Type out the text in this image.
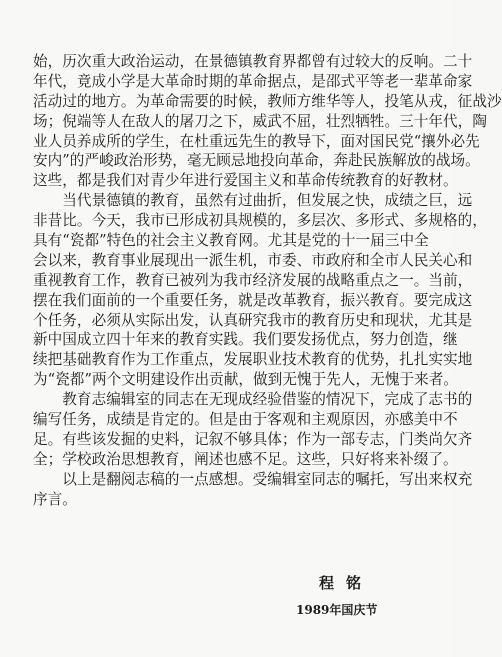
始，历次重大政治运动，在景德镇教育界都曾有过较大的反响。二十
年代，竟成小学是大革命时期的革命据点，是邵式平等老一辈革命家
活动过的地方。为革命需要的时候，教师方维华等人，投笔从戎，征战沙
场；倪端等人在敌人的屠刀之下，威武不屈，壮烈牺牲。三十年代，陶
业人员养成所的学生，在杜重远先生的教导下，面对国民党“攘外必先
安内”的严峻政治形势，毫无顾忌地投向革命，奔赴民族解放的战场。
这些，都是我们对青少年进行爱国主义和革命传统教育的好教材。
　　当代景德镇的教育，虽然有过曲折，但发展之快，成绩之巨，远
非昔比。今天，我市已形成初具规模的，多层次、多形式、多规格的，
具有“瓷都”特色的社会主义教育网。尤其是党的十一届三中全
会以来，教育事业展现出一派生机，市委、市政府和全市人民关心和
重视教育工作，教育已被列为我市经济发展的战略重点之一。当前，
摆在我们面前的一个重要任务，就是改革教育，振兴教育。要完成这
个任务，必须从实际出发，认真研究我市的教育历史和现状，尤其是
新中国成立四十年来的教育实践。我们要发扬优点，努力创造，继
续把基础教育作为工作重点，发展职业技术教育的优势，扎扎实实地
为“瓷都”两个文明建设作出贡献，做到无愧于先人，无愧于来者。
　　教育志编辑室的同志在无现成经验借鉴的情况下，完成了志书的
编写任务，成绩是肯定的。但是由于客观和主观原因，亦感美中不
足。有些该发掘的史料，记叙不够具体；作为一部专志，门类尚欠齐
全；学校政治思想教育，阐述也感不足。这些，只好将来补缀了。
　　以上是翻阅志稿的一点感想。受编辑室同志的嘱托，写出来权充
序言。
程铭
1989年国庆节
